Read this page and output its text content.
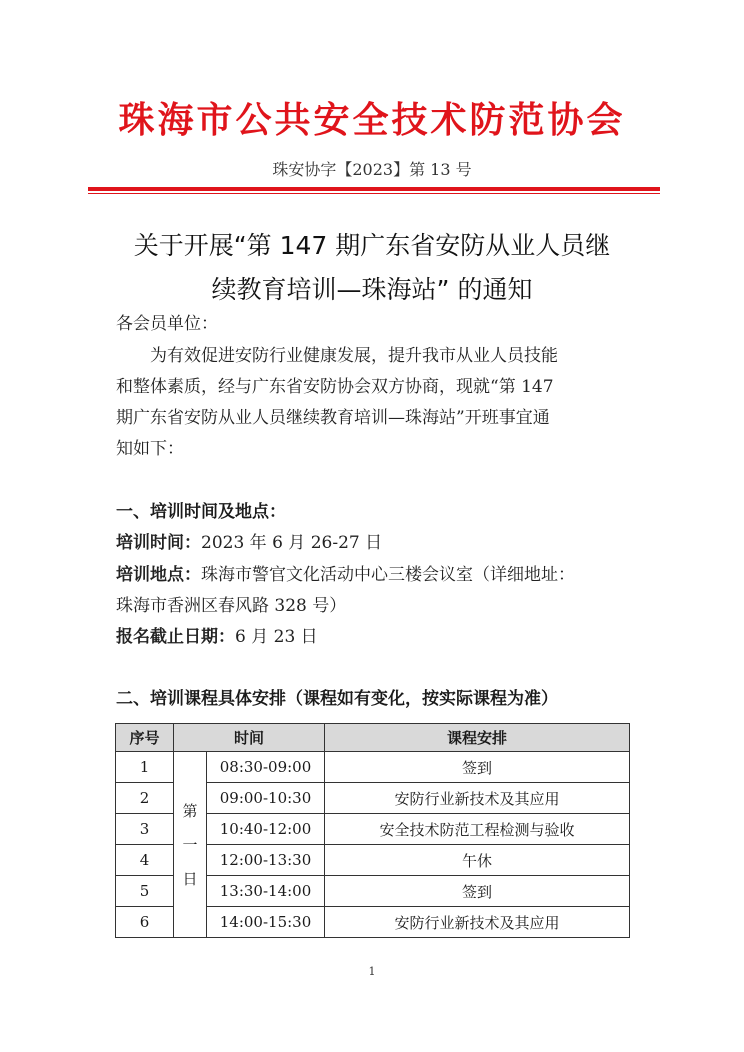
珠海市公共安全技术防范协会
珠安协字【2023】第 13 号
关于开展“第 147 期广东省安防从业人员继
续教育培训—珠海站” 的通知
各会员单位：
为有效促进安防行业健康发展，提升我市从业人员技能
和整体素质，经与广东省安防协会双方协商，现就“第 147
期广东省安防从业人员继续教育培训—珠海站”开班事宜通
知如下：
一、培训时间及地点：
培训时间：2023 年 6 月 26-27 日
培训地点：珠海市警官文化活动中心三楼会议室（详细地址：
珠海市香洲区春风路 328 号）
报名截止日期：6 月 23 日
二、培训课程具体安排（课程如有变化，按实际课程为准）
序号	时间		课程安排
1	第一日	08:30-09:00	签到
2		09:00-10:30	安防行业新技术及其应用
3		10:40-12:00	安全技术防范工程检测与验收
4		12:00-13:30	午休
5		13:30-14:00	签到
6		14:00-15:30	安防行业新技术及其应用
1
